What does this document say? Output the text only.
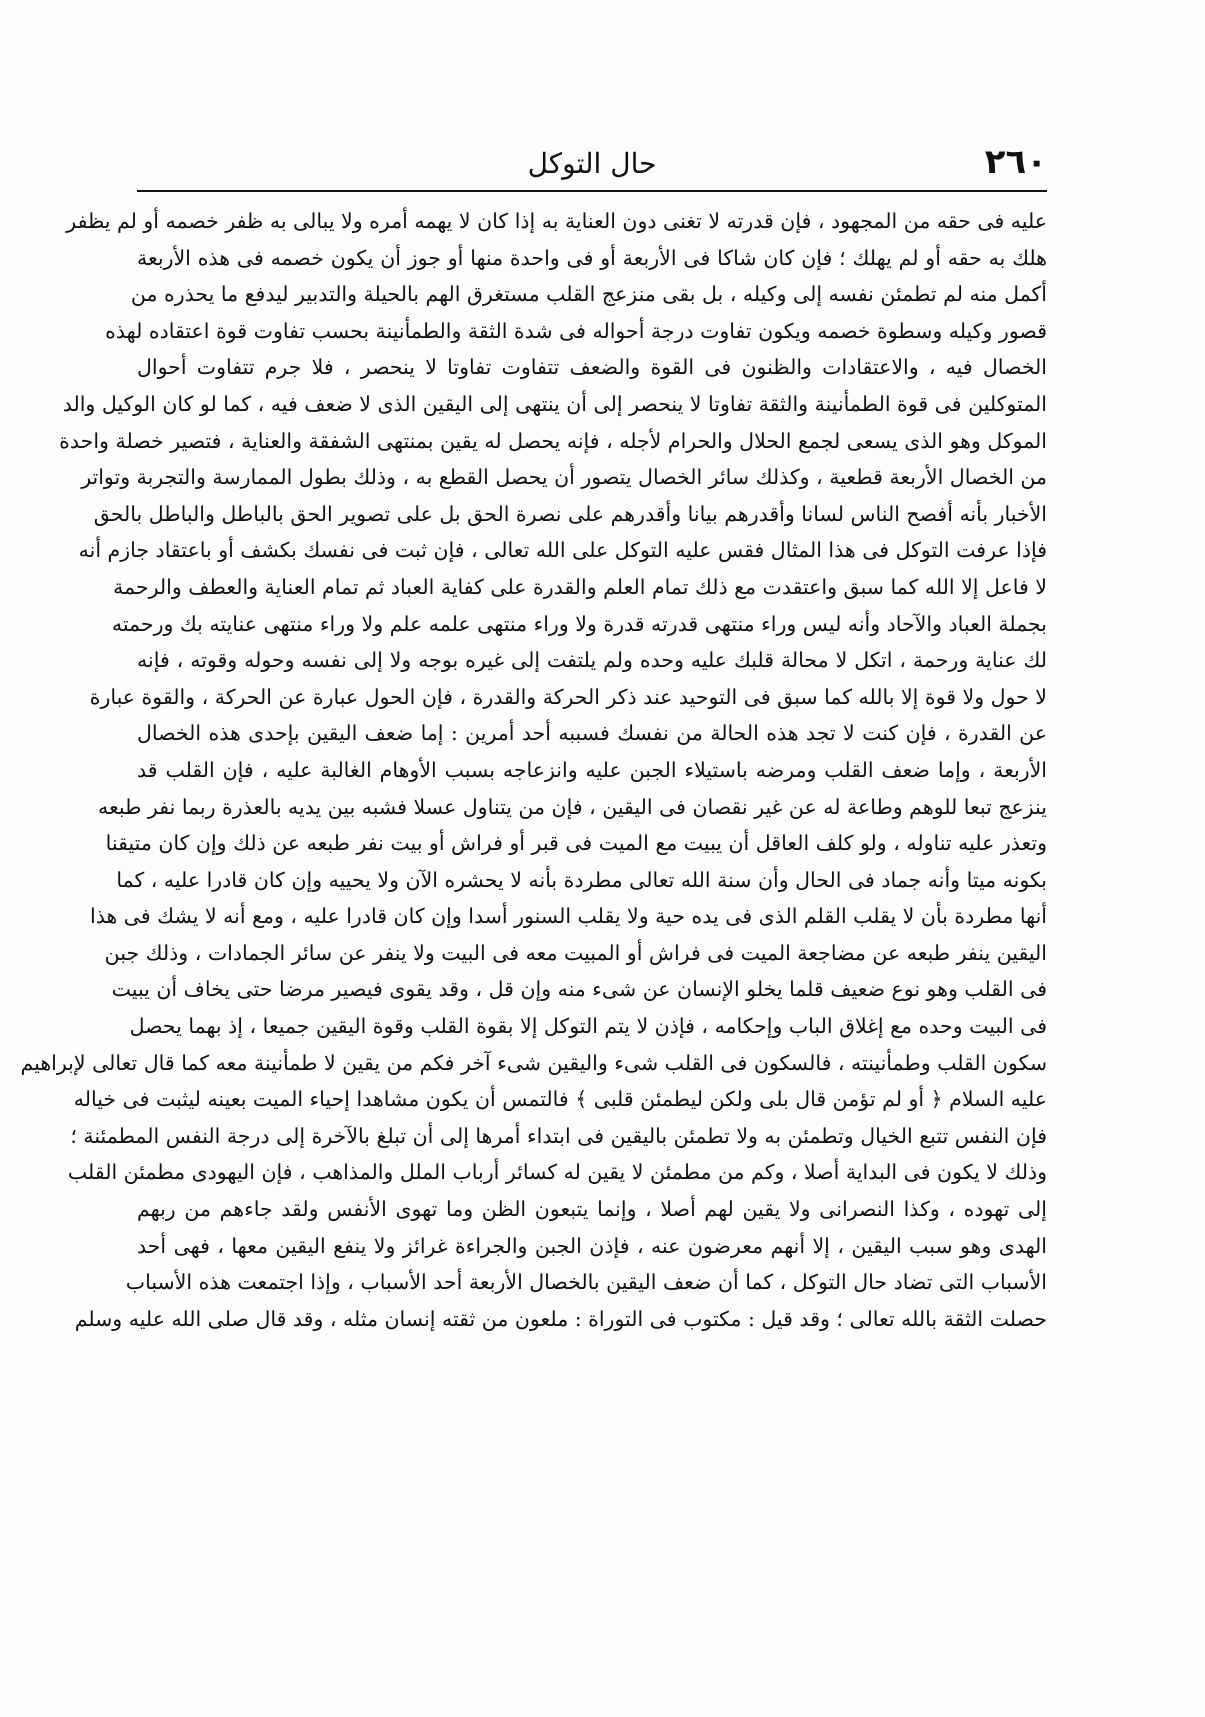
٢٦٠
حال التوكل
عليه فى حقه من المجهود ، فإن قدرته لا تغنى دون العناية به إذا كان لا يهمه أمره ولا يبالى به ظفر خصمه أو لم يظفر
هلك به حقه أو لم يهلك ؛ فإن كان شاكا فى الأربعة أو فى واحدة منها أو جوز أن يكون خصمه فى هذه الأربعة
أكمل منه لم تطمئن نفسه إلى وكيله ، بل بقى منزعج القلب مستغرق الهم بالحيلة والتدبير ليدفع ما يحذره من
قصور وكيله وسطوة خصمه ويكون تفاوت درجة أحواله فى شدة الثقة والطمأنينة بحسب تفاوت قوة اعتقاده لهذه
الخصال فيه ، والاعتقادات والظنون فى القوة والضعف تتفاوت تفاوتا لا ينحصر ، فلا جرم تتفاوت أحوال
المتوكلين فى قوة الطمأنينة والثقة تفاوتا لا ينحصر إلى أن ينتهى إلى اليقين الذى لا ضعف فيه ، كما لو كان الوكيل والد
الموكل وهو الذى يسعى لجمع الحلال والحرام لأجله ، فإنه يحصل له يقين بمنتهى الشفقة والعناية ، فتصير خصلة واحدة
من الخصال الأربعة قطعية ، وكذلك سائر الخصال يتصور أن يحصل القطع به ، وذلك بطول الممارسة والتجربة وتواتر
الأخبار بأنه أفصح الناس لسانا وأقدرهم بيانا وأقدرهم على نصرة الحق بل على تصوير الحق بالباطل والباطل بالحق
فإذا عرفت التوكل فى هذا المثال فقس عليه التوكل على الله تعالى ، فإن ثبت فى نفسك بكشف أو باعتقاد جازم أنه
لا فاعل إلا الله كما سبق واعتقدت مع ذلك تمام العلم والقدرة على كفاية العباد ثم تمام العناية والعطف والرحمة
بجملة العباد والآحاد وأنه ليس وراء منتهى قدرته قدرة ولا وراء منتهى علمه علم ولا وراء منتهى عنايته بك ورحمته
لك عناية ورحمة ، اتكل لا محالة قلبك عليه وحده ولم يلتفت إلى غيره بوجه ولا إلى نفسه وحوله وقوته ، فإنه
لا حول ولا قوة إلا بالله كما سبق فى التوحيد عند ذكر الحركة والقدرة ، فإن الحول عبارة عن الحركة ، والقوة عبارة
عن القدرة ، فإن كنت لا تجد هذه الحالة من نفسك فسببه أحد أمرين : إما ضعف اليقين بإحدى هذه الخصال
الأربعة ، وإما ضعف القلب ومرضه باستيلاء الجبن عليه وانزعاجه بسبب الأوهام الغالبة عليه ، فإن القلب قد
ينزعج تبعا للوهم وطاعة له عن غير نقصان فى اليقين ، فإن من يتناول عسلا فشبه بين يديه بالعذرة ربما نفر طبعه
وتعذر عليه تناوله ، ولو كلف العاقل أن يبيت مع الميت فى قبر أو فراش أو بيت نفر طبعه عن ذلك وإن كان متيقنا
بكونه ميتا وأنه جماد فى الحال وأن سنة الله تعالى مطردة بأنه لا يحشره الآن ولا يحييه وإن كان قادرا عليه ، كما
أنها مطردة بأن لا يقلب القلم الذى فى يده حية ولا يقلب السنور أسدا وإن كان قادرا عليه ، ومع أنه لا يشك فى هذا
اليقين ينفر طبعه عن مضاجعة الميت فى فراش أو المبيت معه فى البيت ولا ينفر عن سائر الجمادات ، وذلك جبن
فى القلب وهو نوع ضعيف قلما يخلو الإنسان عن شىء منه وإن قل ، وقد يقوى فيصير مرضا حتى يخاف أن يبيت
فى البيت وحده مع إغلاق الباب وإحكامه ، فإذن لا يتم التوكل إلا بقوة القلب وقوة اليقين جميعا ، إذ بهما يحصل
سكون القلب وطمأنينته ، فالسكون فى القلب شىء واليقين شىء آخر فكم من يقين لا طمأنينة معه كما قال تعالى لإبراهيم
عليه السلام ﴿ أو لم تؤمن قال بلى ولكن ليطمئن قلبى ﴾ فالتمس أن يكون مشاهدا إحياء الميت بعينه ليثبت فى خياله
فإن النفس تتبع الخيال وتطمئن به ولا تطمئن باليقين فى ابتداء أمرها إلى أن تبلغ بالآخرة إلى درجة النفس المطمئنة ؛
وذلك لا يكون فى البداية أصلا ، وكم من مطمئن لا يقين له كسائر أرباب الملل والمذاهب ، فإن اليهودى مطمئن القلب
إلى تهوده ، وكذا النصرانى ولا يقين لهم أصلا ، وإنما يتبعون الظن وما تهوى الأنفس ولقد جاءهم من ربهم
الهدى وهو سبب اليقين ، إلا أنهم معرضون عنه ، فإذن الجبن والجراءة غرائز ولا ينفع اليقين معها ، فهى أحد
الأسباب التى تضاد حال التوكل ، كما أن ضعف اليقين بالخصال الأربعة أحد الأسباب ، وإذا اجتمعت هذه الأسباب
حصلت الثقة بالله تعالى ؛ وقد قيل : مكتوب فى التوراة : ملعون من ثقته إنسان مثله ، وقد قال صلى الله عليه وسلم
